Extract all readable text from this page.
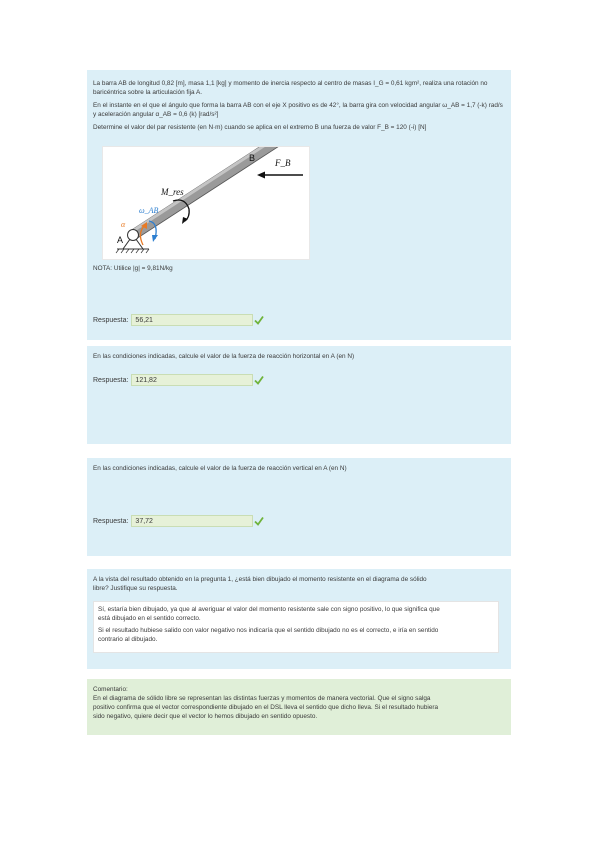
La barra AB de longitud 0,82 [m], masa 1,1 [kg] y momento de inercia respecto al centro de masas I_G = 0,61 kgm², realiza una rotación no baricéntrica sobre la articulación fija A.

En el instante en el que el ángulo que forma la barra AB con el eje X positivo es de 42°, la barra gira con velocidad angular ω_AB = 1,7 (-k) rad/s y aceleración angular α_AB = 0,6 (k) [rad/s²]

Determine el valor del par resistente (en N·m) cuando se aplica en el extremo B una fuerza de valor F_B = 120 (-i) [N]

NOTA: Utilice |g| = 9,81N/kg

Respuesta:	56,21
F_B
B
M_res
ω_AB
α
A

En las condiciones indicadas, calcule el valor de la fuerza de reacción horizontal en A (en N)

Respuesta:	121,82

En las condiciones indicadas, calcule el valor de la fuerza de reacción vertical en A (en N)

Respuesta:	37,72

A la vista del resultado obtenido en la pregunta 1, ¿está bien dibujado el momento resistente en el diagrama de sólido

libre? Justifique su respuesta.

Sí, estaría bien dibujado, ya que al averiguar el valor del momento resistente sale con signo positivo, lo que significa que

está dibujado en el sentido correcto.

Si el resultado hubiese salido con valor negativo nos indicaría que el sentido dibujado no es el correcto, e iría en sentido

contrario al dibujado.

Comentario:

En el diagrama de sólido libre se representan las distintas fuerzas y momentos de manera vectorial. Que el signo salga

positivo confirma que el vector correspondiente dibujado en el DSL lleva el sentido que dicho lleva. Si el resultado hubiera

sido negativo, quiere decir que el vector lo hemos dibujado en sentido opuesto.
